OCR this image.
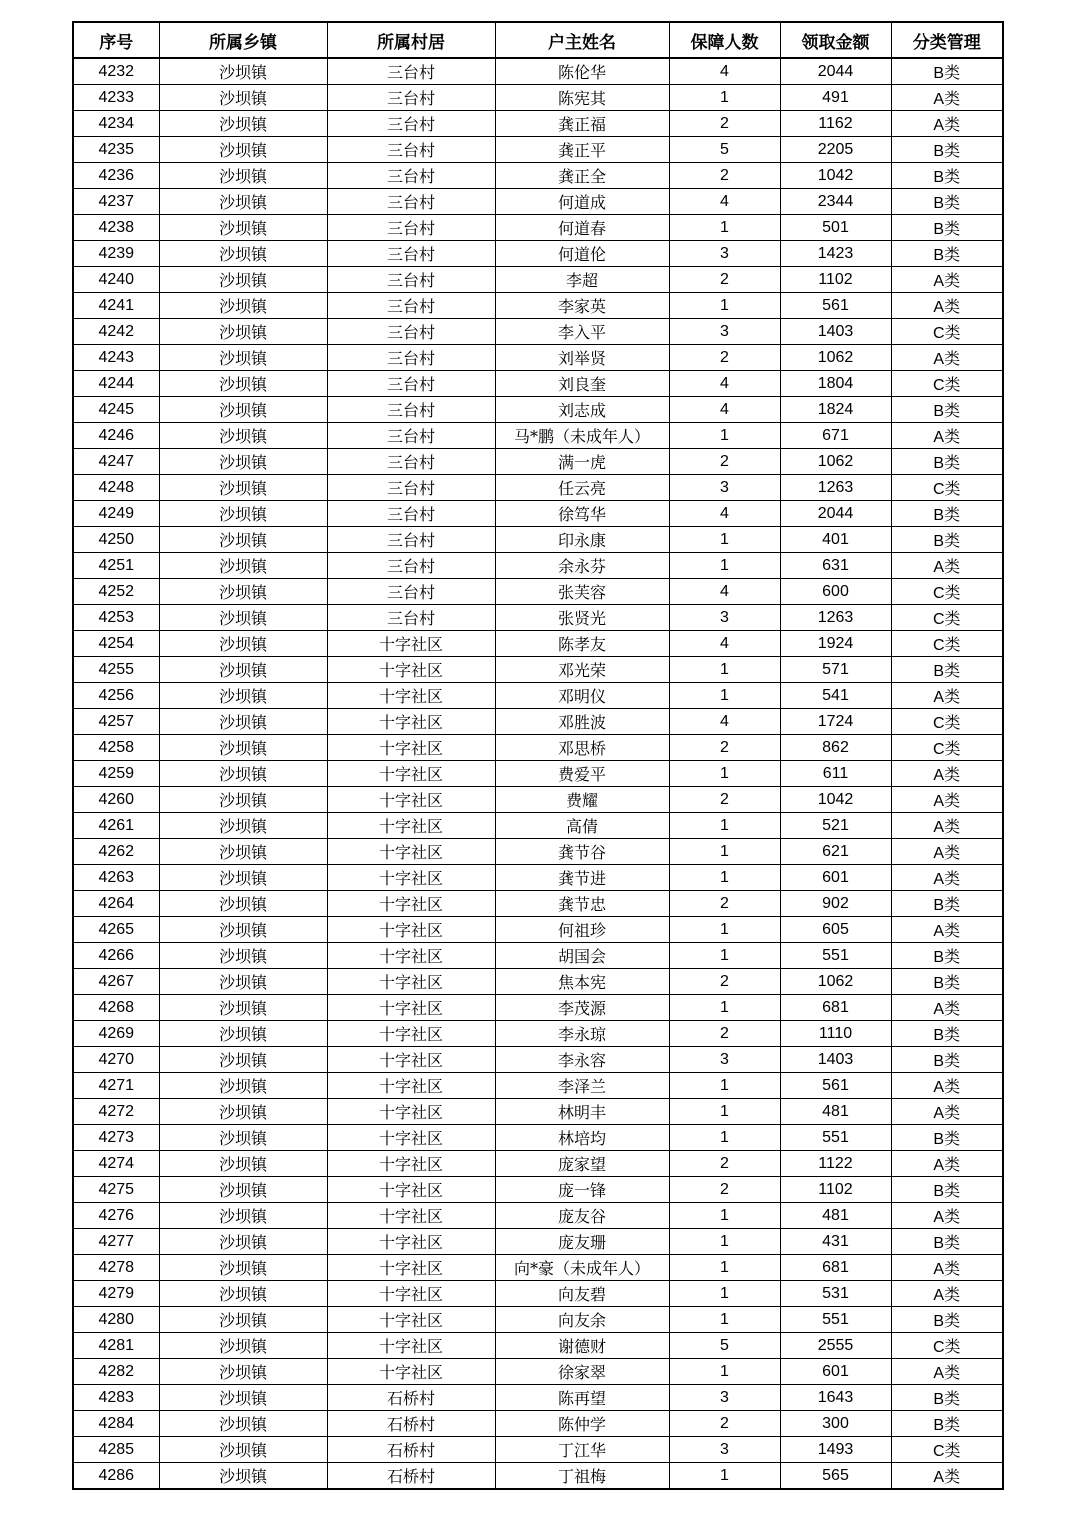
序号	所属乡镇	所属村居	户主姓名	保障人数	领取金额	分类管理
4232	沙坝镇	三台村	陈伦华	4	2044	B类
4233	沙坝镇	三台村	陈宪其	1	491	A类
4234	沙坝镇	三台村	龚正福	2	1162	A类
4235	沙坝镇	三台村	龚正平	5	2205	B类
4236	沙坝镇	三台村	龚正全	2	1042	B类
4237	沙坝镇	三台村	何道成	4	2344	B类
4238	沙坝镇	三台村	何道春	1	501	B类
4239	沙坝镇	三台村	何道伦	3	1423	B类
4240	沙坝镇	三台村	李超	2	1102	A类
4241	沙坝镇	三台村	李家英	1	561	A类
4242	沙坝镇	三台村	李入平	3	1403	C类
4243	沙坝镇	三台村	刘举贤	2	1062	A类
4244	沙坝镇	三台村	刘良奎	4	1804	C类
4245	沙坝镇	三台村	刘志成	4	1824	B类
4246	沙坝镇	三台村	马*鹏（未成年人）	1	671	A类
4247	沙坝镇	三台村	满一虎	2	1062	B类
4248	沙坝镇	三台村	任云亮	3	1263	C类
4249	沙坝镇	三台村	徐笃华	4	2044	B类
4250	沙坝镇	三台村	印永康	1	401	B类
4251	沙坝镇	三台村	余永芬	1	631	A类
4252	沙坝镇	三台村	张芙容	4	600	C类
4253	沙坝镇	三台村	张贤光	3	1263	C类
4254	沙坝镇	十字社区	陈孝友	4	1924	C类
4255	沙坝镇	十字社区	邓光荣	1	571	B类
4256	沙坝镇	十字社区	邓明仪	1	541	A类
4257	沙坝镇	十字社区	邓胜波	4	1724	C类
4258	沙坝镇	十字社区	邓思桥	2	862	C类
4259	沙坝镇	十字社区	费爱平	1	611	A类
4260	沙坝镇	十字社区	费耀	2	1042	A类
4261	沙坝镇	十字社区	高倩	1	521	A类
4262	沙坝镇	十字社区	龚节谷	1	621	A类
4263	沙坝镇	十字社区	龚节进	1	601	A类
4264	沙坝镇	十字社区	龚节忠	2	902	B类
4265	沙坝镇	十字社区	何祖珍	1	605	A类
4266	沙坝镇	十字社区	胡国会	1	551	B类
4267	沙坝镇	十字社区	焦本宪	2	1062	B类
4268	沙坝镇	十字社区	李茂源	1	681	A类
4269	沙坝镇	十字社区	李永琼	2	1110	B类
4270	沙坝镇	十字社区	李永容	3	1403	B类
4271	沙坝镇	十字社区	李泽兰	1	561	A类
4272	沙坝镇	十字社区	林明丰	1	481	A类
4273	沙坝镇	十字社区	林培均	1	551	B类
4274	沙坝镇	十字社区	庞家望	2	1122	A类
4275	沙坝镇	十字社区	庞一锋	2	1102	B类
4276	沙坝镇	十字社区	庞友谷	1	481	A类
4277	沙坝镇	十字社区	庞友珊	1	431	B类
4278	沙坝镇	十字社区	向*豪（未成年人）	1	681	A类
4279	沙坝镇	十字社区	向友碧	1	531	A类
4280	沙坝镇	十字社区	向友余	1	551	B类
4281	沙坝镇	十字社区	谢德财	5	2555	C类
4282	沙坝镇	十字社区	徐家翠	1	601	A类
4283	沙坝镇	石桥村	陈再望	3	1643	B类
4284	沙坝镇	石桥村	陈仲学	2	300	B类
4285	沙坝镇	石桥村	丁江华	3	1493	C类
4286	沙坝镇	石桥村	丁祖梅	1	565	A类
